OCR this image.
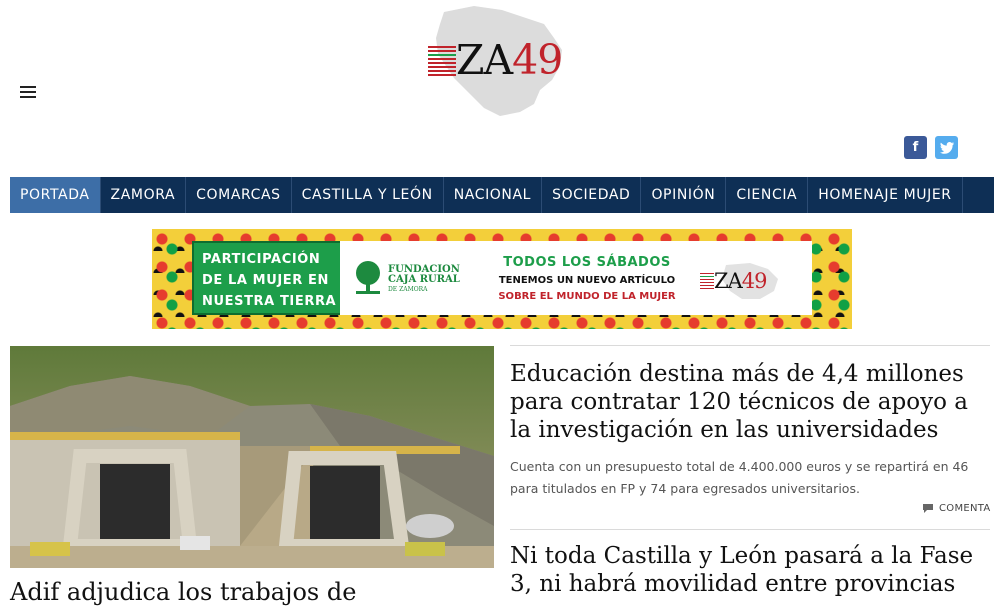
ZA49
f
PORTADA	ZAMORA	COMARCAS	CASTILLA Y LEÓN	NACIONAL	SOCIEDAD	OPINIÓN	CIENCIA	HOMENAJE MUJER
PARTICIPACIÓN
DE LA MUJER EN
NUESTRA TIERRA
FUNDACION
CAJA RURAL
DE ZAMORA
TODOS LOS SÁBADOS
TENEMOS UN NUEVO ARTÍCULO
SOBRE EL MUNDO DE LA MUJER
ZA49
Adif adjudica los trabajos de
Educación destina más de 4,4 millones para contratar 120 técnicos de apoyo a la investigación en las universidades
Cuenta con un presupuesto total de 4.400.000 euros y se repartirá en 46 para titulados en FP y 74 para egresados universitarios.
COMENTA
Ni toda Castilla y León pasará a la Fase 3, ni habrá movilidad entre provincias
